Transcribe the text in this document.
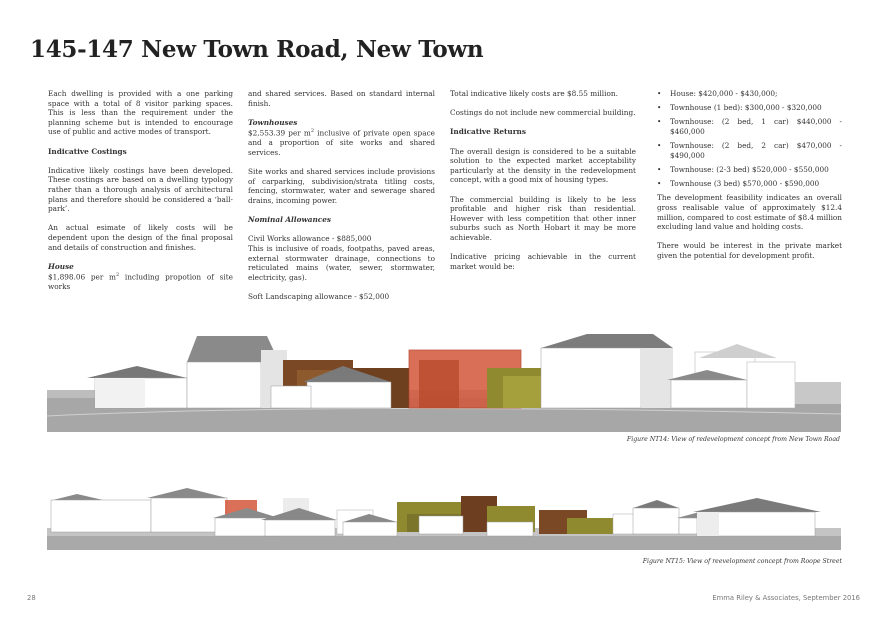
145-147 New Town Road, New Town

Each dwelling is provided with a one parking space with a total of 8 visitor parking spaces. This is less than the requirement under the planning scheme but is intended to encourage use of public and active modes of transport.

Indicative Costings

Indicative likely costings have been developed. These costings are based on a dwelling typology rather than a thorough analysis of architectural plans and therefore should be considered a ‘ball-park’.

An actual esimate of likely costs will be dependent upon the design of the final proposal and details of construction and finishes.

House

$1,898.06 per $m^2$ including propotion of site works

and shared services. Based on standard internal finish.

Townhouses

$2,553.39 per $m^2$ inclusive of private open space and a proportion of site works and shared services.

Site works and shared services include provisions of carparking, subdivision/strata titling costs, fencing, stormwater, water and sewerage shared drains, incoming power.

Nominal Allowances

Civil Works allowance - $885,000
This is inclusive of roads, footpaths, paved areas, external stormwater drainage, connections to reticulated mains (water, sewer, stormwater, electricity, gas).

Soft Landscaping allowance - $52,000

Total indicative likely costs are $8.55 million.

Costings do not include new commercial building.

Indicative Returns

The overall design is considered to be a suitable solution to the expected market acceptability particularly at the density in the redevelopment concept, with a good mix of housing types.

The commercial building is likely to be less profitable and higher risk than residential. However with less competition that other inner suburbs such as North Hobart it may be more achievable.

Indicative pricing achievable in the current market would be:

• House: $420,000 - $430,000;
• Townhouse (1 bed): $300,000 - $320,000
• Townhouse: (2 bed, 1 car) $440,000 - $460,000
• Townhouse: (2 bed, 2 car) $470,000 - $490,000
• Townhouse: (2-3 bed) $520,000 - $550,000
• Townhouse (3 bed) $570,000 - $590,000

The development feasibility indicates an overall gross realisable value of approximately $12.4 million, compared to cost estimate of $8.4 million excluding land value and holding costs.

There would be interest in the private market given the potential for development profit.

Figure NT14: View of redevelopment concept from New Town Road
Figure NT15: View of reevelopment concept from Roope Street
28	Emma Riley & Associates, September 2016
